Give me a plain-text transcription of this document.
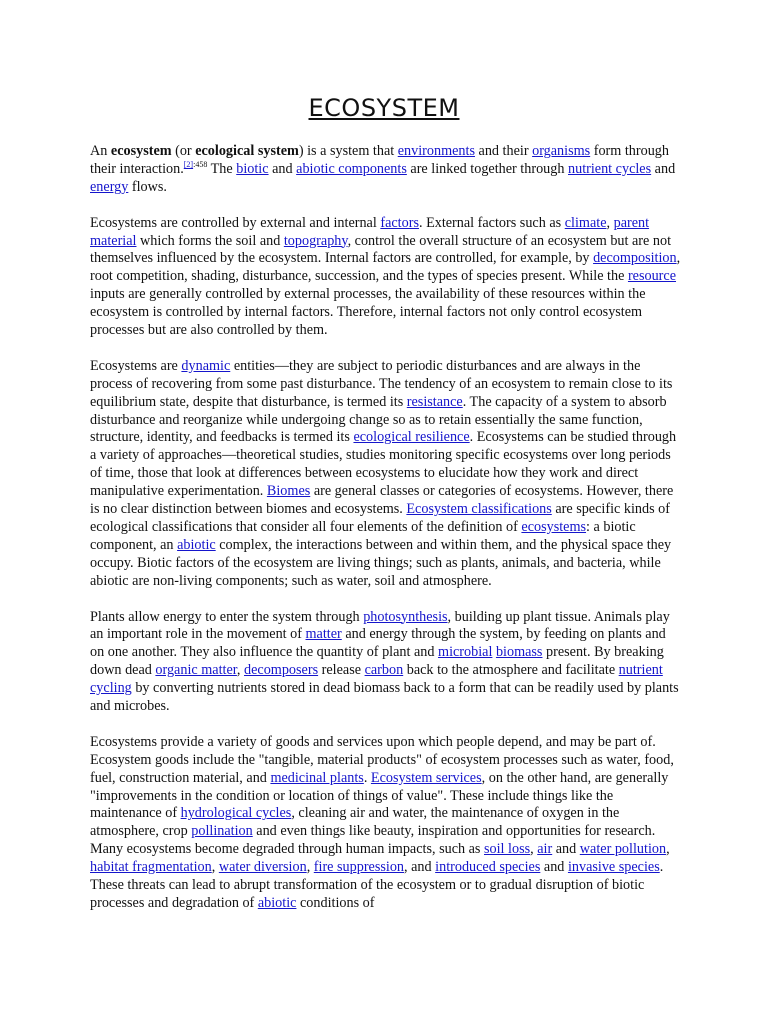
ECOSYSTEM

An ecosystem (or ecological system) is a system that environments and their organisms form through their interaction.$^{[2]:458}$ The biotic and abiotic components are linked together through nutrient cycles and energy flows.

Ecosystems are controlled by external and internal factors. External factors such as climate, parent material which forms the soil and topography, control the overall structure of an ecosystem but are not themselves influenced by the ecosystem. Internal factors are controlled, for example, by decomposition, root competition, shading, disturbance, succession, and the types of species present. While the resource inputs are generally controlled by external processes, the availability of these resources within the ecosystem is controlled by internal factors. Therefore, internal factors not only control ecosystem processes but are also controlled by them.

Ecosystems are dynamic entities—they are subject to periodic disturbances and are always in the process of recovering from some past disturbance. The tendency of an ecosystem to remain close to its equilibrium state, despite that disturbance, is termed its resistance. The capacity of a system to absorb disturbance and reorganize while undergoing change so as to retain essentially the same function, structure, identity, and feedbacks is termed its ecological resilience. Ecosystems can be studied through a variety of approaches—theoretical studies, studies monitoring specific ecosystems over long periods of time, those that look at differences between ecosystems to elucidate how they work and direct manipulative experimentation. Biomes are general classes or categories of ecosystems. However, there is no clear distinction between biomes and ecosystems. Ecosystem classifications are specific kinds of ecological classifications that consider all four elements of the definition of ecosystems: a biotic component, an abiotic complex, the interactions between and within them, and the physical space they occupy. Biotic factors of the ecosystem are living things; such as plants, animals, and bacteria, while abiotic are non-living components; such as water, soil and atmosphere.

Plants allow energy to enter the system through photosynthesis, building up plant tissue. Animals play an important role in the movement of matter and energy through the system, by feeding on plants and on one another. They also influence the quantity of plant and microbial biomass present. By breaking down dead organic matter, decomposers release carbon back to the atmosphere and facilitate nutrient cycling by converting nutrients stored in dead biomass back to a form that can be readily used by plants and microbes.

Ecosystems provide a variety of goods and services upon which people depend, and may be part of. Ecosystem goods include the "tangible, material products" of ecosystem processes such as water, food, fuel, construction material, and medicinal plants. Ecosystem services, on the other hand, are generally "improvements in the condition or location of things of value". These include things like the maintenance of hydrological cycles, cleaning air and water, the maintenance of oxygen in the atmosphere, crop pollination and even things like beauty, inspiration and opportunities for research. Many ecosystems become degraded through human impacts, such as soil loss, air and water pollution, habitat fragmentation, water diversion, fire suppression, and introduced species and invasive species. These threats can lead to abrupt transformation of the ecosystem or to gradual disruption of biotic processes and degradation of abiotic conditions of
